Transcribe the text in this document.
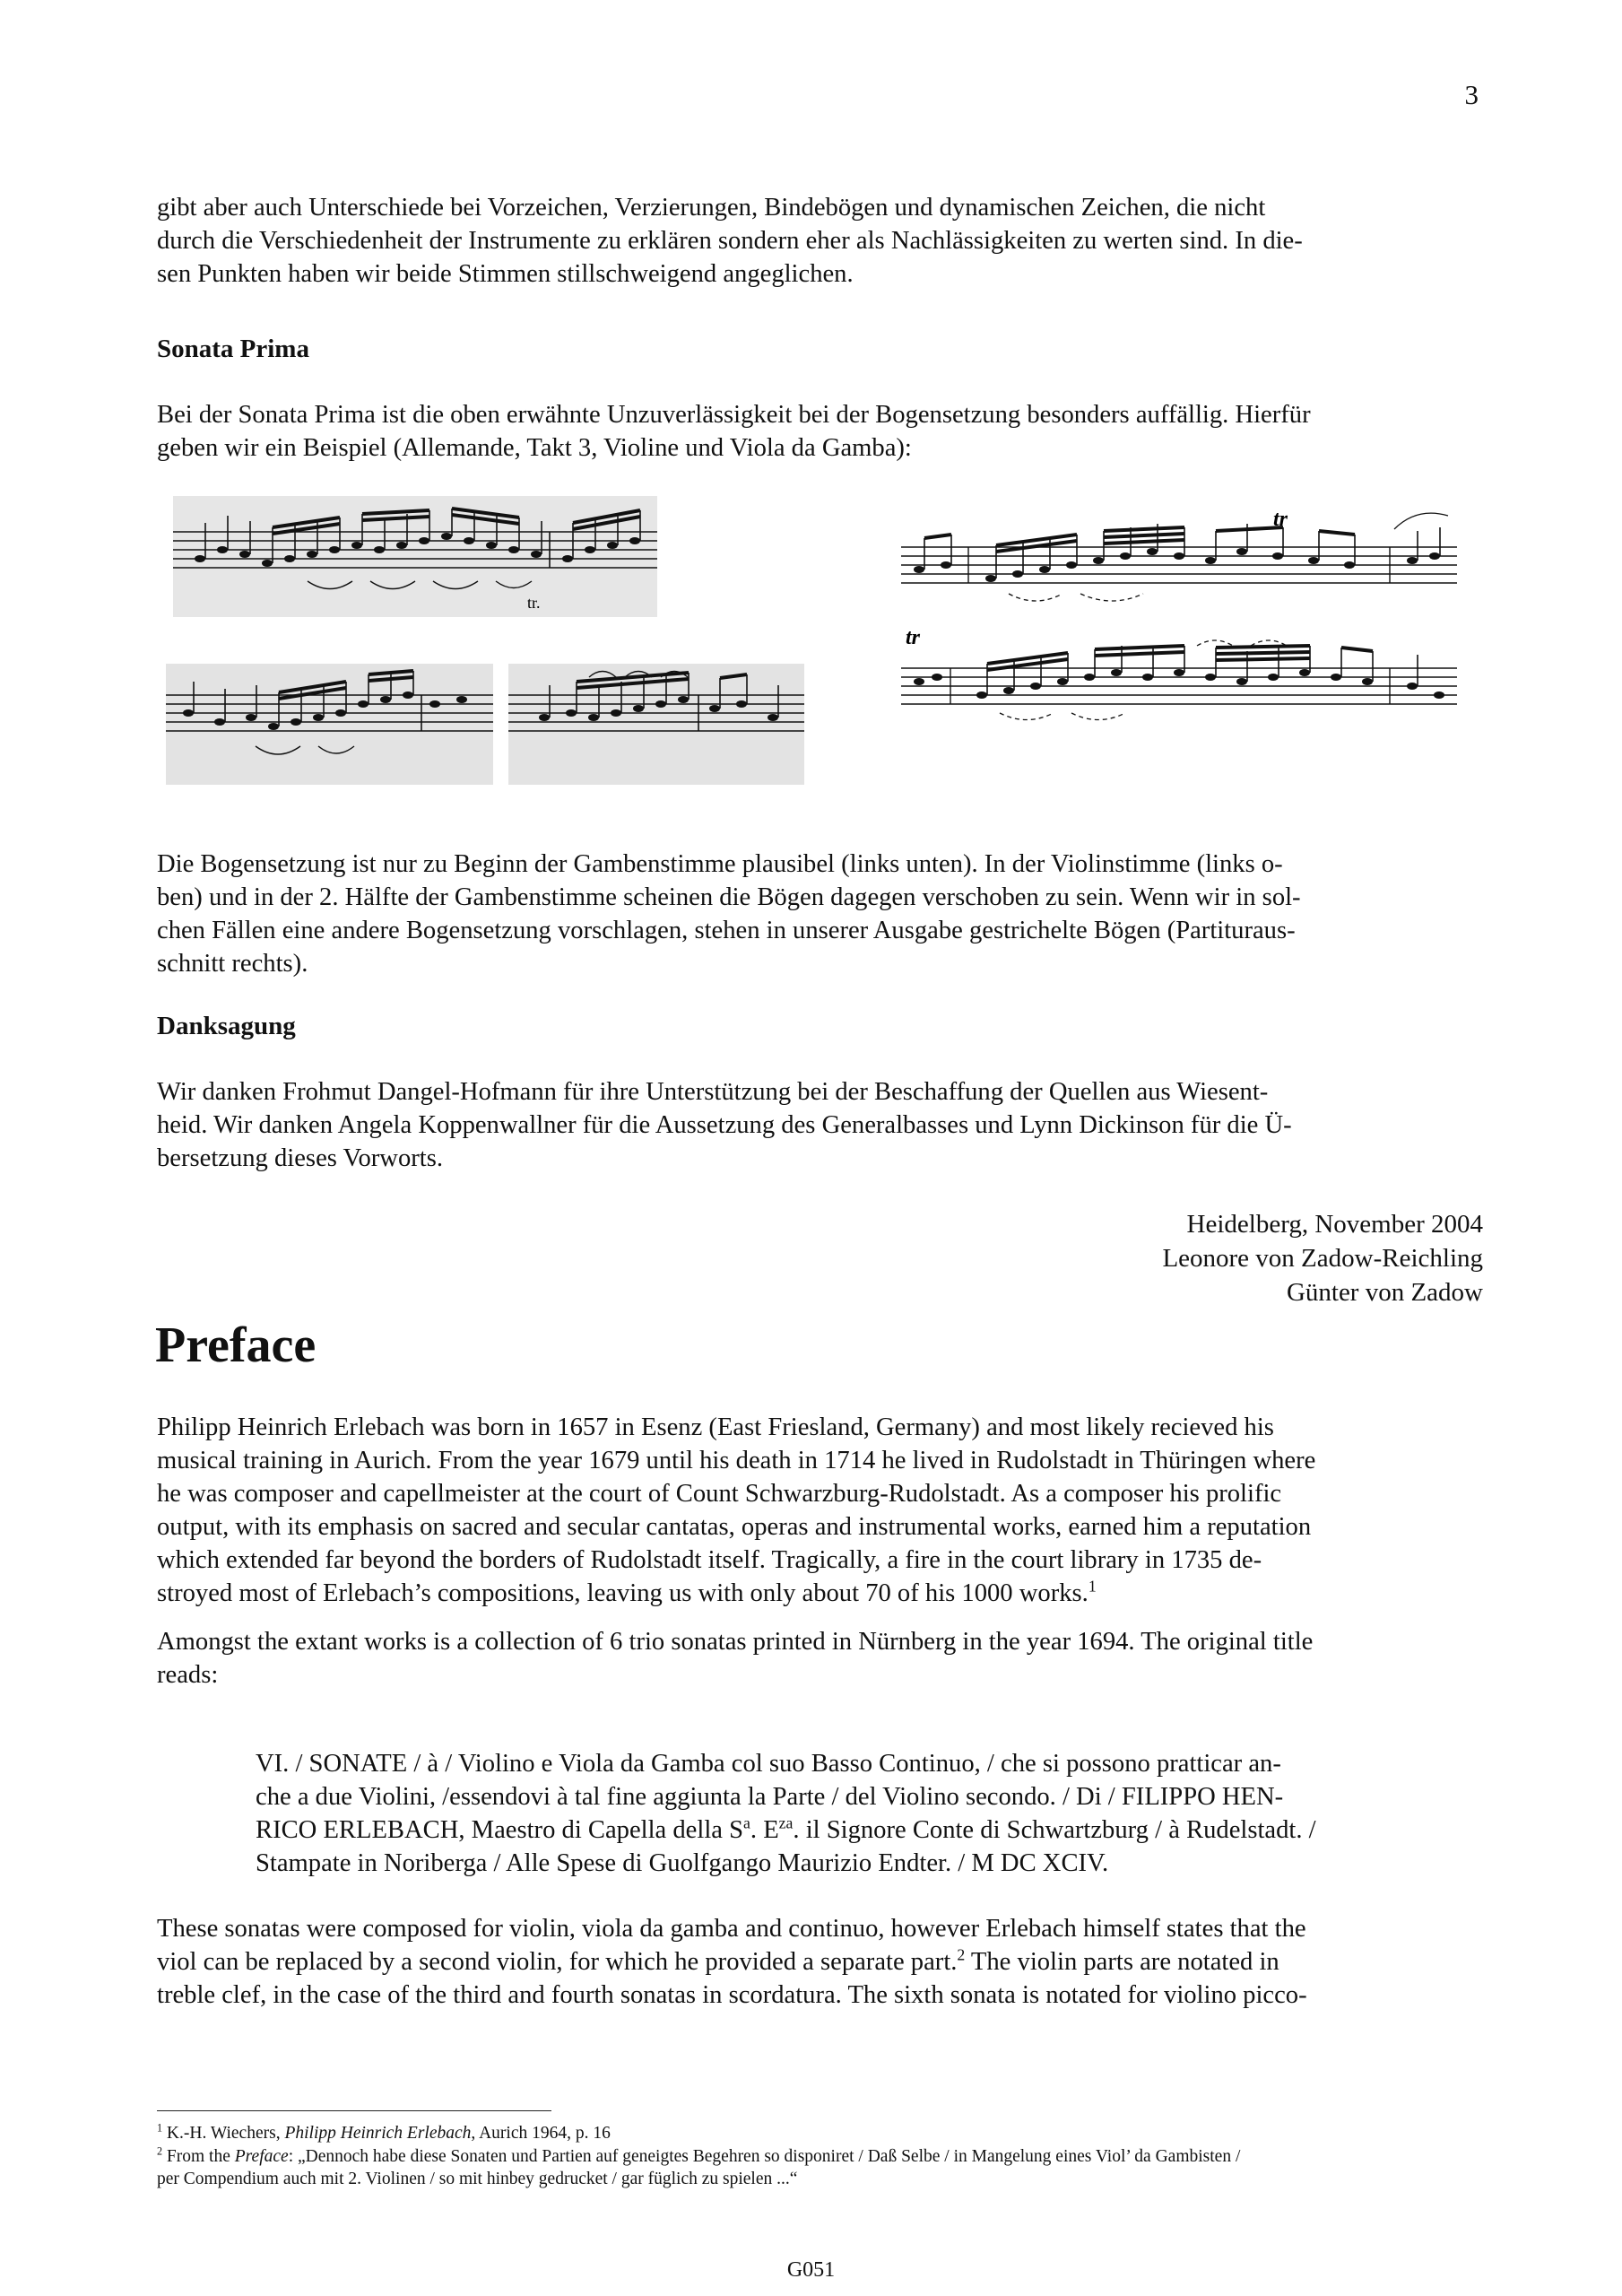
3
gibt aber auch Unterschiede bei Vorzeichen, Verzierungen, Bindebögen und dynamischen Zeichen, die nicht
durch die Verschiedenheit der Instrumente zu erklären sondern eher als Nachlässigkeiten zu werten sind. In die-
sen Punkten haben wir beide Stimmen stillschweigend angeglichen.
Sonata Prima
Bei der Sonata Prima ist die oben erwähnte Unzuverlässigkeit bei der Bogensetzung besonders auffällig. Hierfür
geben wir ein Beispiel (Allemande, Takt 3, Violine und Viola da Gamba):
tr.
tr
tr
Die Bogensetzung ist nur zu Beginn der Gambenstimme plausibel (links unten). In der Violinstimme (links o-
ben) und in der 2. Hälfte der Gambenstimme scheinen die Bögen dagegen verschoben zu sein. Wenn wir in sol-
chen Fällen eine andere Bogensetzung vorschlagen, stehen in unserer Ausgabe gestrichelte Bögen (Partituraus-
schnitt rechts).
Danksagung
Wir danken Frohmut Dangel-Hofmann für ihre Unterstützung bei der Beschaffung der Quellen aus Wiesent-
heid. Wir danken Angela Koppenwallner für die Aussetzung des Generalbasses und Lynn Dickinson für die Ü-
bersetzung dieses Vorworts.
Heidelberg, November 2004
Leonore von Zadow-Reichling
Günter von Zadow
Preface
Philipp Heinrich Erlebach was born in 1657 in Esenz (East Friesland, Germany) and most likely recieved his
musical training in Aurich. From the year 1679 until his death in 1714 he lived in Rudolstadt in Thüringen where
he was composer and capellmeister at the court of Count Schwarzburg-Rudolstadt. As a composer his prolific
output, with its emphasis on sacred and secular cantatas, operas and instrumental works, earned him a reputation
which extended far beyond the borders of Rudolstadt itself. Tragically, a fire in the court library in 1735 de-
stroyed most of Erlebach’s compositions, leaving us with only about 70 of his 1000 works.$^1$
Amongst the extant works is a collection of 6 trio sonatas printed in Nürnberg in the year 1694. The original title
reads:
VI. / SONATE / à / Violino e Viola da Gamba col suo Basso Continuo, / che si possono pratticar an-
che a due Violini, /essendovi à tal fine aggiunta la Parte / del Violino secondo. / Di / FILIPPO HEN-
RICO ERLEBACH, Maestro di Capella della $S^a$. $E^{za}$. il Signore Conte di Schwartzburg / à Rudelstadt. /
Stampate in Noriberga / Alle Spese di Guolfgango Maurizio Endter. / M DC XCIV.
These sonatas were composed for violin, viola da gamba and continuo, however Erlebach himself states that the
viol can be replaced by a second violin, for which he provided a separate part.$^2$ The violin parts are notated in
treble clef, in the case of the third and fourth sonatas in scordatura. The sixth sonata is notated for violino picco-
$^1$ K.-H. Wiechers, Philipp Heinrich Erlebach, Aurich 1964, p. 16
$^2$ From the Preface: „Dennoch habe diese Sonaten und Partien auf geneigtes Begehren so disponiret / Daß Selbe / in Mangelung eines Viol’ da Gambisten /
per Compendium auch mit 2. Violinen / so mit hinbey gedrucket / gar füglich zu spielen ...“
G051
